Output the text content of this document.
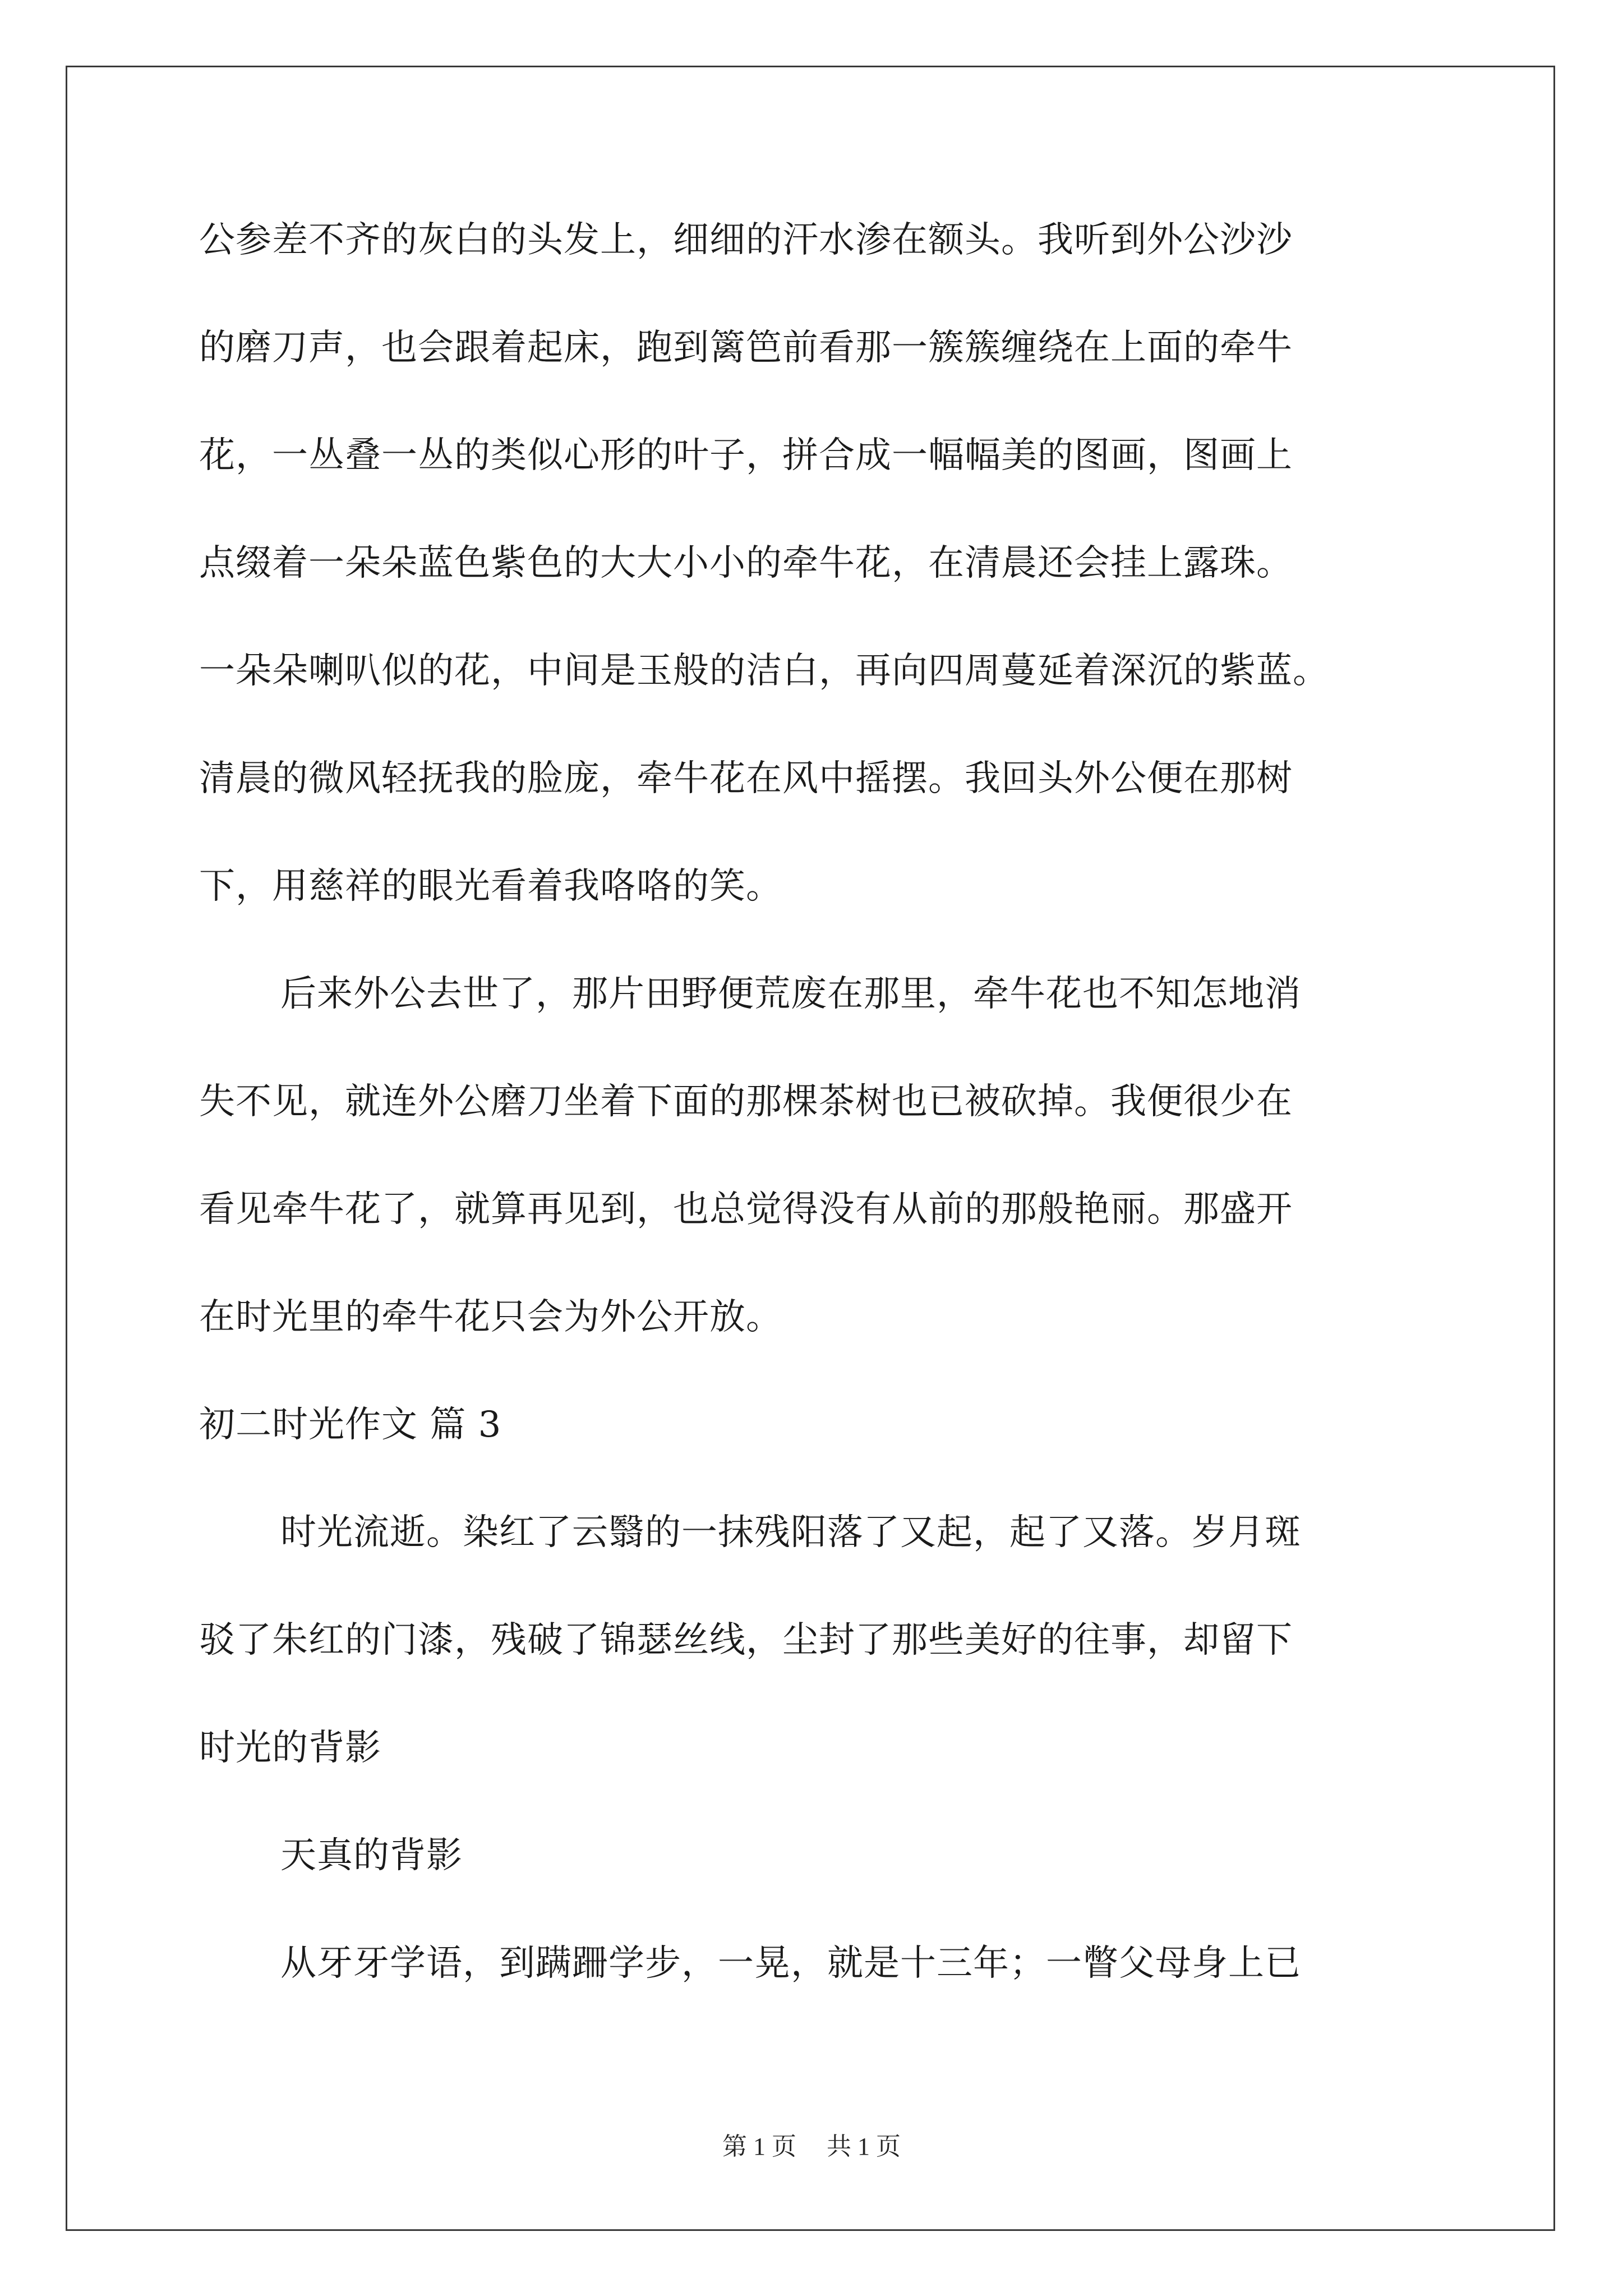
公参差不齐的灰白的头发上，细细的汗水渗在额头。我听到外公沙沙
的磨刀声，也会跟着起床，跑到篱笆前看那一簇簇缠绕在上面的牵牛
花，一丛叠一丛的类似心形的叶子，拼合成一幅幅美的图画，图画上
点缀着一朵朵蓝色紫色的大大小小的牵牛花，在清晨还会挂上露珠。
一朵朵喇叭似的花，中间是玉般的洁白，再向四周蔓延着深沉的紫蓝。
清晨的微风轻抚我的脸庞，牵牛花在风中摇摆。我回头外公便在那树
下，用慈祥的眼光看着我咯咯的笑。
后来外公去世了，那片田野便荒废在那里，牵牛花也不知怎地消
失不见，就连外公磨刀坐着下面的那棵茶树也已被砍掉。我便很少在
看见牵牛花了，就算再见到，也总觉得没有从前的那般艳丽。那盛开
在时光里的牵牛花只会为外公开放。
初二时光作文 篇 3
时光流逝。染红了云翳的一抹残阳落了又起，起了又落。岁月斑
驳了朱红的门漆，残破了锦瑟丝线，尘封了那些美好的往事，却留下
时光的背影
天真的背影
从牙牙学语，到蹒跚学步，一晃，就是十三年；一瞥父母身上已
第 1 页 共 1 页
